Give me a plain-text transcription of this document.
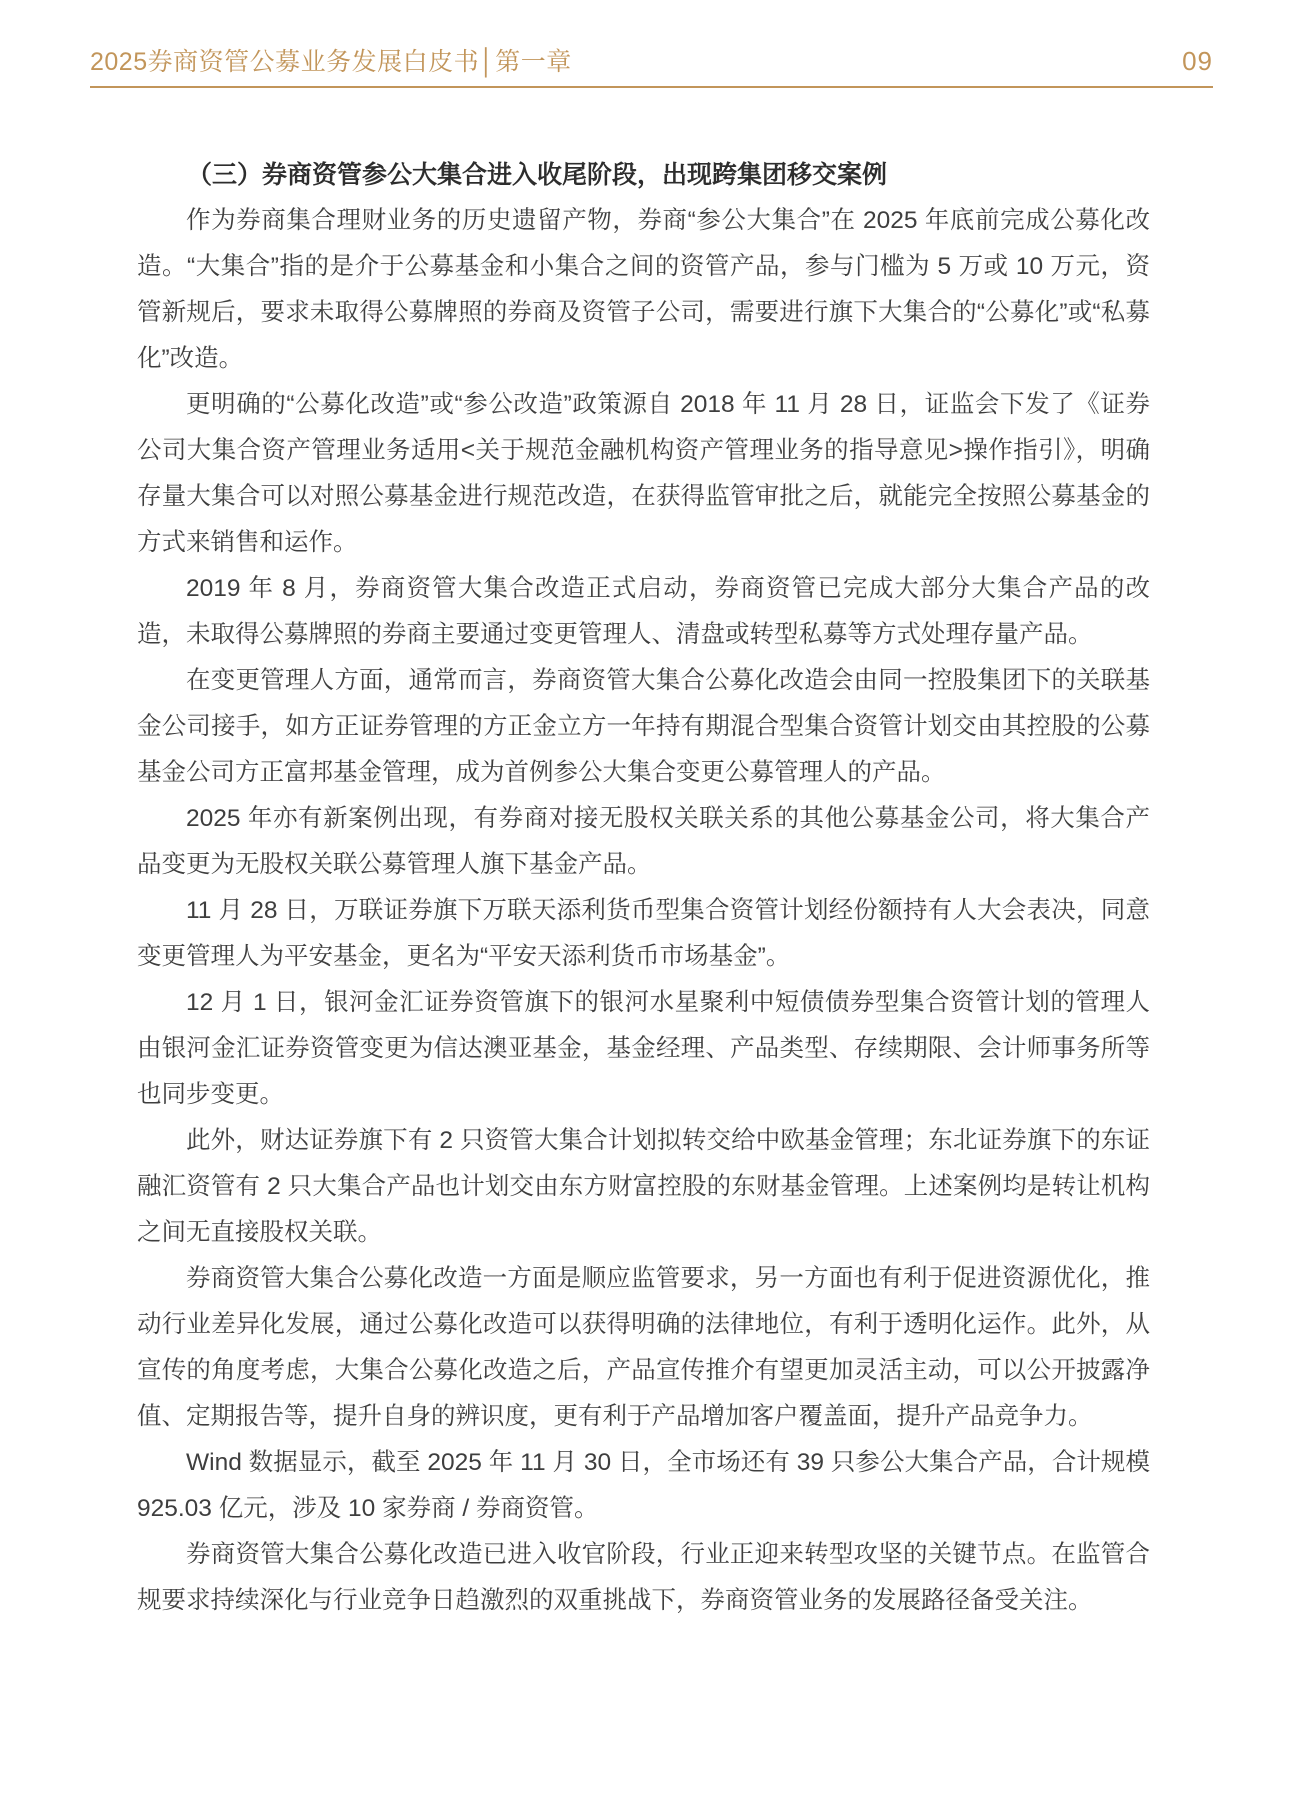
2025券商资管公募业务发展白皮书│第一章	09
（三）券商资管参公大集合进入收尾阶段，出现跨集团移交案例

作为券商集合理财业务的历史遗留产物，券商“参公大集合”在 2025 年底前完成公募化改造。“大集合”指的是介于公募基金和小集合之间的资管产品，参与门槛为 5 万或 10 万元，资管新规后，要求未取得公募牌照的券商及资管子公司，需要进行旗下大集合的“公募化”或“私募化”改造。

更明确的“公募化改造”或“参公改造”政策源自 2018 年 11 月 28 日，证监会下发了《证券公司大集合资产管理业务适用<关于规范金融机构资产管理业务的指导意见>操作指引》，明确存量大集合可以对照公募基金进行规范改造，在获得监管审批之后，就能完全按照公募基金的方式来销售和运作。

2019 年 8 月，券商资管大集合改造正式启动，券商资管已完成大部分大集合产品的改造，未取得公募牌照的券商主要通过变更管理人、清盘或转型私募等方式处理存量产品。

在变更管理人方面，通常而言，券商资管大集合公募化改造会由同一控股集团下的关联基金公司接手，如方正证券管理的方正金立方一年持有期混合型集合资管计划交由其控股的公募基金公司方正富邦基金管理，成为首例参公大集合变更公募管理人的产品。

2025 年亦有新案例出现，有券商对接无股权关联关系的其他公募基金公司，将大集合产品变更为无股权关联公募管理人旗下基金产品。

11 月 28 日，万联证券旗下万联天添利货币型集合资管计划经份额持有人大会表决，同意变更管理人为平安基金，更名为“平安天添利货币市场基金”。

12 月 1 日，银河金汇证券资管旗下的银河水星聚利中短债债券型集合资管计划的管理人由银河金汇证券资管变更为信达澳亚基金，基金经理、产品类型、存续期限、会计师事务所等也同步变更。

此外，财达证券旗下有 2 只资管大集合计划拟转交给中欧基金管理；东北证券旗下的东证融汇资管有 2 只大集合产品也计划交由东方财富控股的东财基金管理。上述案例均是转让机构之间无直接股权关联。

券商资管大集合公募化改造一方面是顺应监管要求，另一方面也有利于促进资源优化，推动行业差异化发展，通过公募化改造可以获得明确的法律地位，有利于透明化运作。此外，从宣传的角度考虑，大集合公募化改造之后，产品宣传推介有望更加灵活主动，可以公开披露净值、定期报告等，提升自身的辨识度，更有利于产品增加客户覆盖面，提升产品竞争力。

Wind 数据显示，截至 2025 年 11 月 30 日，全市场还有 39 只参公大集合产品，合计规模 925.03 亿元，涉及 10 家券商 / 券商资管。

券商资管大集合公募化改造已进入收官阶段，行业正迎来转型攻坚的关键节点。在监管合规要求持续深化与行业竞争日趋激烈的双重挑战下，券商资管业务的发展路径备受关注。
